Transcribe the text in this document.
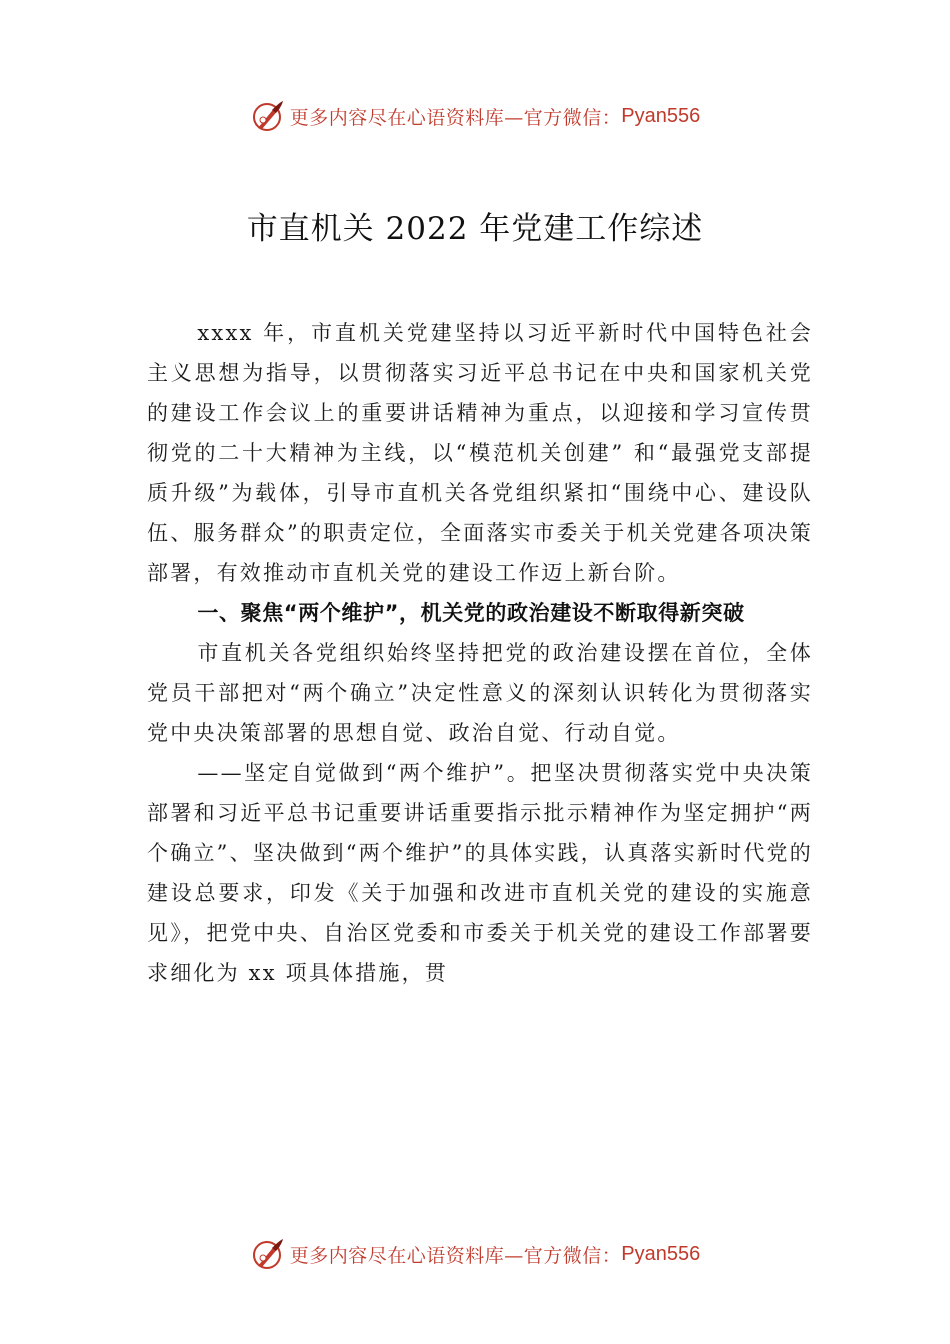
更多内容尽在心语资料库—官方微信： Pyan556
市直机关 2022 年党建工作综述

xxxx 年，市直机关党建坚持以习近平新时代中国特色社会主义思想为指导，以贯彻落实习近平总书记在中央和国家机关党的建设工作会议上的重要讲话精神为重点，以迎接和学习宣传贯彻党的二十大精神为主线，以“模范机关创建” 和“最强党支部提质升级”为载体，引导市直机关各党组织紧扣“围绕中心、建设队伍、服务群众”的职责定位，全面落实市委关于机关党建各项决策部署，有效推动市直机关党的建设工作迈上新台阶。

一、聚焦“两个维护”，机关党的政治建设不断取得新突破

市直机关各党组织始终坚持把党的政治建设摆在首位，全体党员干部把对“两个确立”决定性意义的深刻认识转化为贯彻落实党中央决策部署的思想自觉、政治自觉、行动自觉。

——坚定自觉做到“两个维护”。把坚决贯彻落实党中央决策部署和习近平总书记重要讲话重要指示批示精神作为坚定拥护“两个确立”、坚决做到“两个维护”的具体实践，认真落实新时代党的建设总要求，印发《关于加强和改进市直机关党的建设的实施意见》，把党中央、自治区党委和市委关于机关党的建设工作部署要求细化为 xx 项具体措施，贯

更多内容尽在心语资料库—官方微信： Pyan556
